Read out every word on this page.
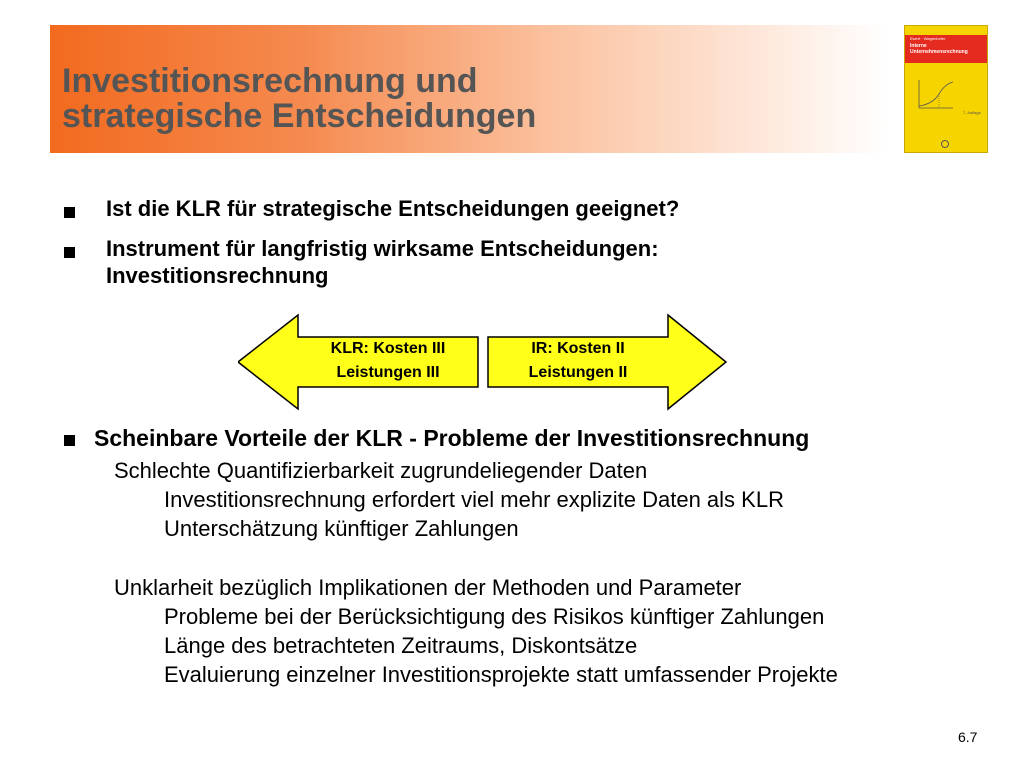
Investitionsrechnung und
strategische Entscheidungen
Ewert · Wagenhofer
Interne
Unternehmensrechnung
7. Auflage

Ist die KLR für strategische Entscheidungen geeignet?

Instrument für langfristig wirksame Entscheidungen:
Investitionsrechnung

KLR: Kosten III
Leistungen III
IR: Kosten II
Leistungen II
Scheinbare Vorteile der KLR - Probleme der Investitionsrechnung
Schlechte Quantifizierbarkeit zugrundeliegender Daten
Investitionsrechnung erfordert viel mehr explizite Daten als KLR
Unterschätzung künftiger Zahlungen
Unklarheit bezüglich Implikationen der Methoden und Parameter
Probleme bei der Berücksichtigung des Risikos künftiger Zahlungen
Länge des betrachteten Zeitraums, Diskontsätze
Evaluierung einzelner Investitionsprojekte statt umfassender Projekte
6.7
